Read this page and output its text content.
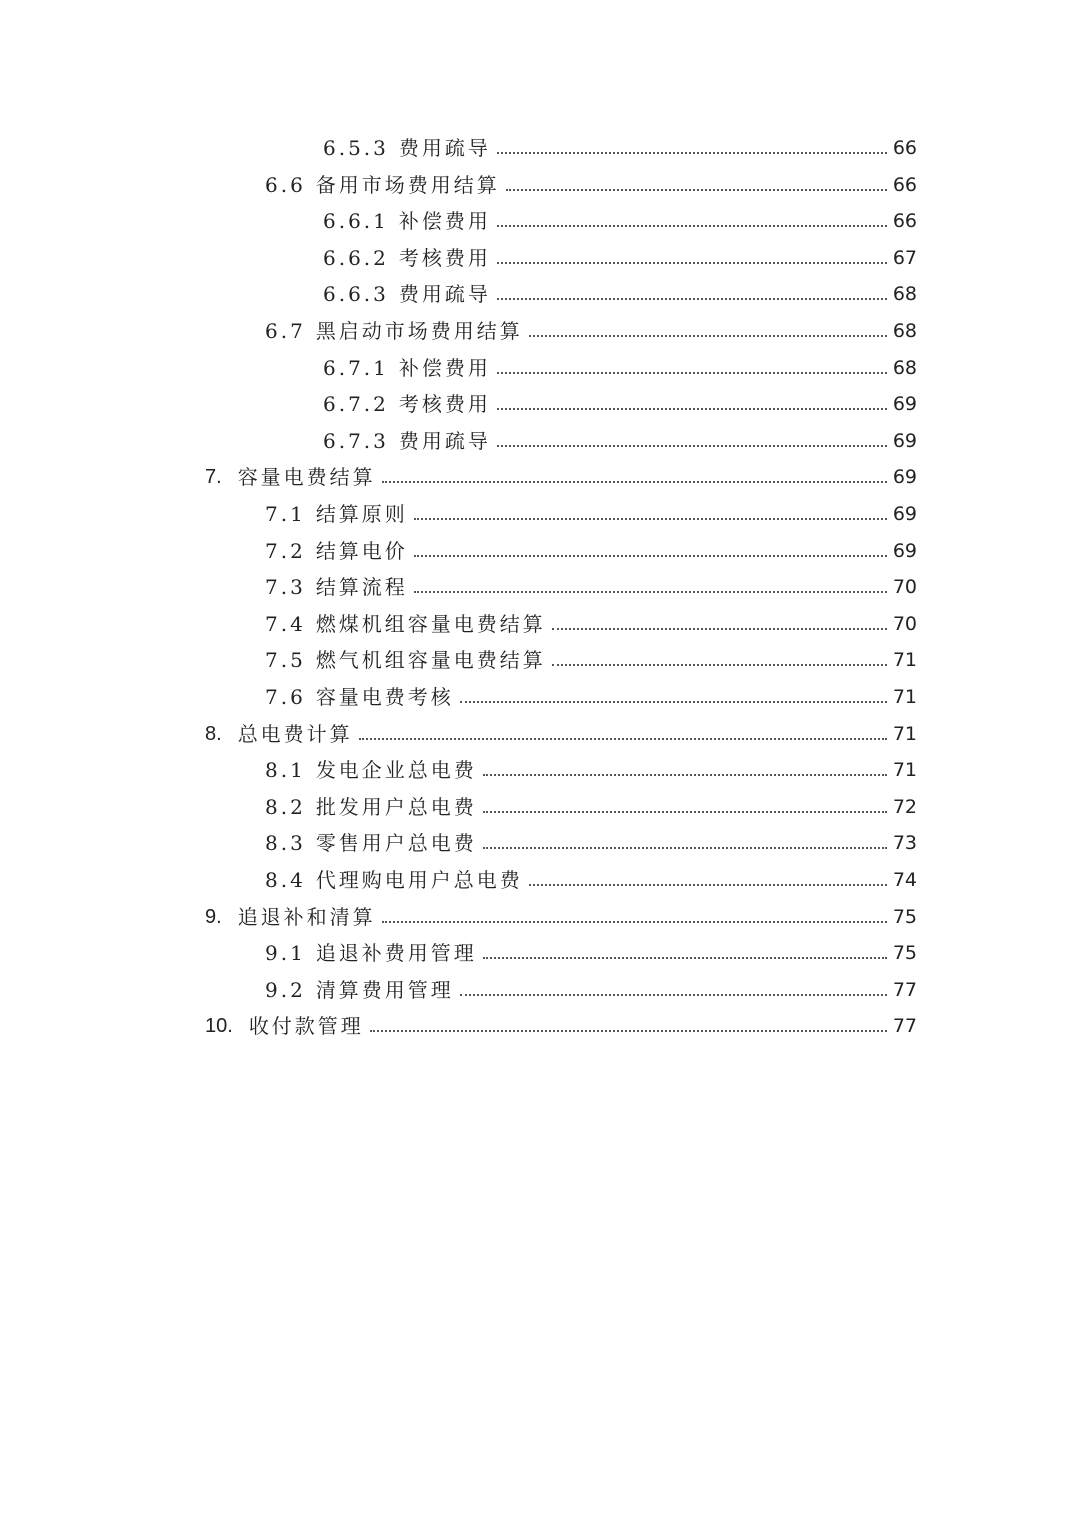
6.5.3 费用疏导	66
6.6 备用市场费用结算	66
6.6.1 补偿费用	66
6.6.2 考核费用	67
6.6.3 费用疏导	68
6.7 黑启动市场费用结算	68
6.7.1 补偿费用	68
6.7.2 考核费用	69
6.7.3 费用疏导	69
7. 容量电费结算	69
7.1 结算原则	69
7.2 结算电价	69
7.3 结算流程	70
7.4 燃煤机组容量电费结算	70
7.5 燃气机组容量电费结算	71
7.6 容量电费考核	71
8. 总电费计算	71
8.1 发电企业总电费	71
8.2 批发用户总电费	72
8.3 零售用户总电费	73
8.4 代理购电用户总电费	74
9. 追退补和清算	75
9.1 追退补费用管理	75
9.2 清算费用管理	77
10. 收付款管理	77
